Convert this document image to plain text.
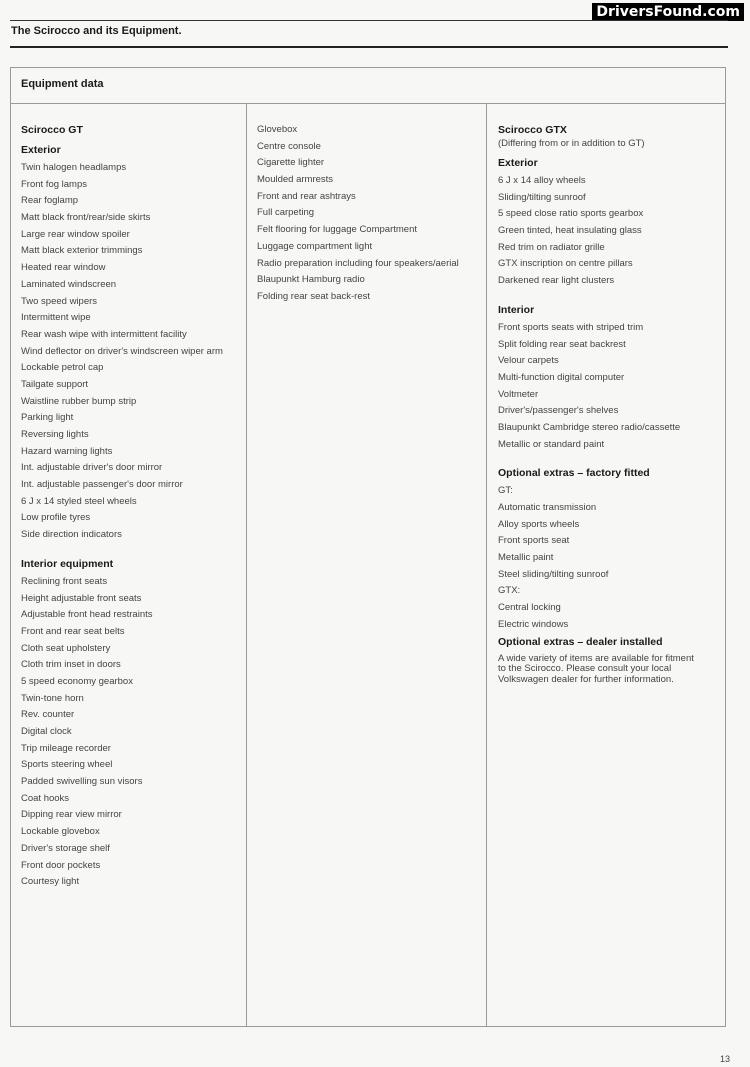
DriversFound.com
The Scirocco and its Equipment.
Equipment data
Scirocco GT
Exterior
Twin halogen headlamps
Front fog lamps
Rear foglamp
Matt black front/rear/side skirts
Large rear window spoiler
Matt black exterior trimmings
Heated rear window
Laminated windscreen
Two speed wipers
Intermittent wipe
Rear wash wipe with intermittent facility
Wind deflector on driver's windscreen wiper arm
Lockable petrol cap
Tailgate support
Waistline rubber bump strip
Parking light
Reversing lights
Hazard warning lights
Int. adjustable driver's door mirror
Int. adjustable passenger's door mirror
6 J x 14 styled steel wheels
Low profile tyres
Side direction indicators
Interior equipment
Reclining front seats
Height adjustable front seats
Adjustable front head restraints
Front and rear seat belts
Cloth seat upholstery
Cloth trim inset in doors
5 speed economy gearbox
Twin-tone horn
Rev. counter
Digital clock
Trip mileage recorder
Sports steering wheel
Padded swivelling sun visors
Coat hooks
Dipping rear view mirror
Lockable glovebox
Driver's storage shelf
Front door pockets
Courtesy light
Glovebox
Centre console
Cigarette lighter
Moulded armrests
Front and rear ashtrays
Full carpeting
Felt flooring for luggage Compartment
Luggage compartment light
Radio preparation including four speakers/aerial
Blaupunkt Hamburg radio
Folding rear seat back-rest
Scirocco GTX
(Differing from or in addition to GT)
Exterior
6 J x 14 alloy wheels
Sliding/tilting sunroof
5 speed close ratio sports gearbox
Green tinted, heat insulating glass
Red trim on radiator grille
GTX inscription on centre pillars
Darkened rear light clusters
Interior
Front sports seats with striped trim
Split folding rear seat backrest
Velour carpets
Multi-function digital computer
Voltmeter
Driver's/passenger's shelves
Blaupunkt Cambridge stereo radio/cassette
Metallic or standard paint
Optional extras – factory fitted
GT:
Automatic transmission
Alloy sports wheels
Front sports seat
Metallic paint
Steel sliding/tilting sunroof
GTX:
Central locking
Electric windows
Optional extras – dealer installed
A wide variety of items are available for fitment to the Scirocco. Please consult your local Volkswagen dealer for further information.
13
